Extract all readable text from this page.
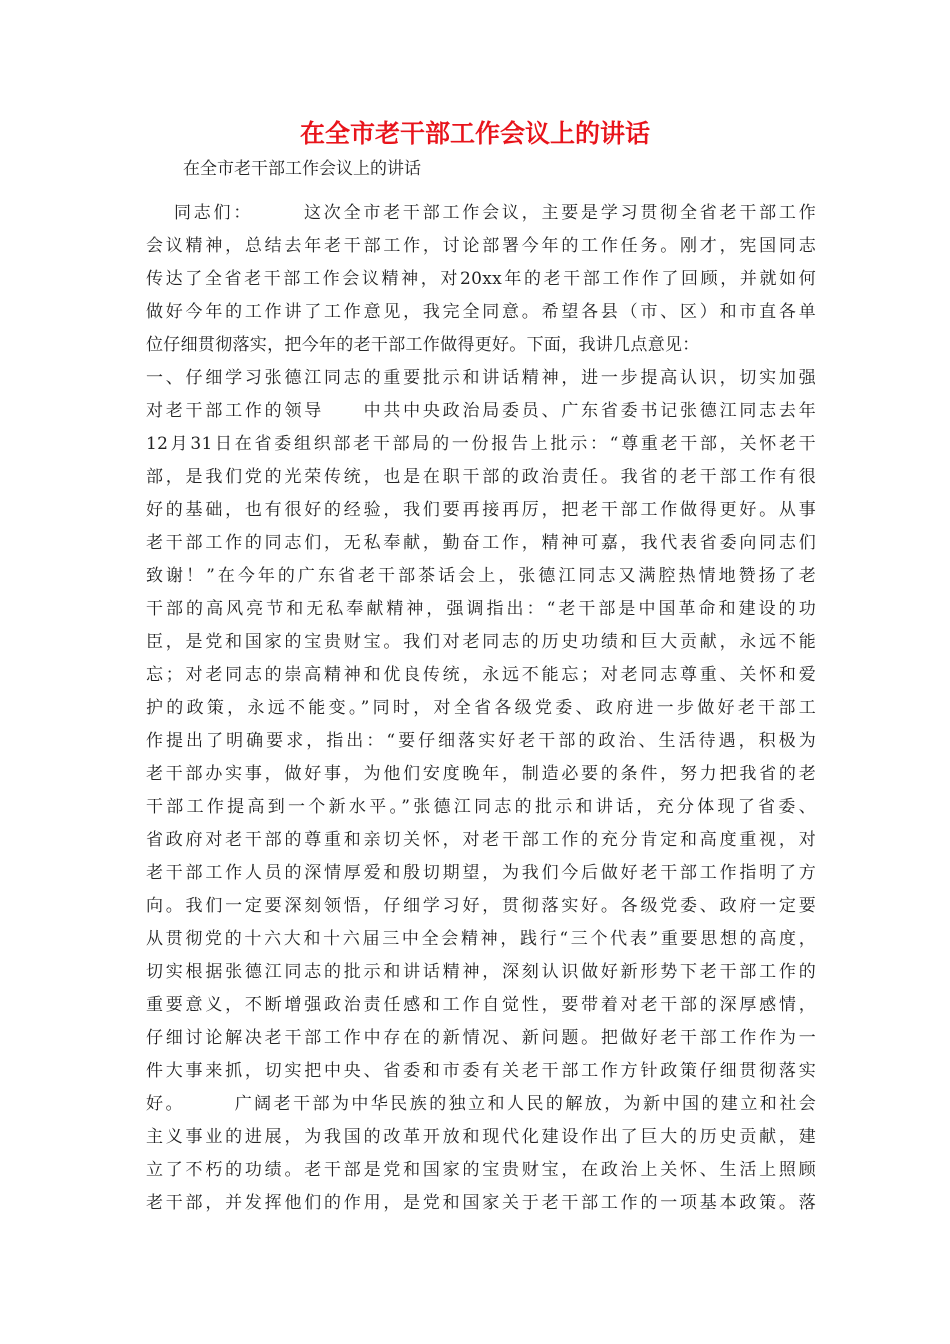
在全市老干部工作会议上的讲话
在全市老干部工作会议上的讲话
　 同志们：　　　这次全市老干部工作会议，主要是学习贯彻全省老干部工作
会议精神，总结去年老干部工作，讨论部署今年的工作任务。刚才，宪国同志
传达了全省老干部工作会议精神，对20xx年的老干部工作作了回顾，并就如何
做好今年的工作讲了工作意见，我完全同意。希望各县（市、区）和市直各单
位仔细贯彻落实，把今年的老干部工作做得更好。下面，我讲几点意见：
一、仔细学习张德江同志的重要批示和讲话精神，进一步提高认识，切实加强
对老干部工作的领导　　中共中央政治局委员、广东省委书记张德江同志去年
12月31日在省委组织部老干部局的一份报告上批示：“尊重老干部，关怀老干
部，是我们党的光荣传统，也是在职干部的政治责任。我省的老干部工作有很
好的基础，也有很好的经验，我们要再接再厉，把老干部工作做得更好。从事
老干部工作的同志们，无私奉献，勤奋工作，精神可嘉，我代表省委向同志们
致谢！”在今年的广东省老干部茶话会上，张德江同志又满腔热情地赞扬了老
干部的高风亮节和无私奉献精神，强调指出：“老干部是中国革命和建设的功
臣，是党和国家的宝贵财宝。我们对老同志的历史功绩和巨大贡献，永远不能
忘；对老同志的崇高精神和优良传统，永远不能忘；对老同志尊重、关怀和爱
护的政策，永远不能变。”同时，对全省各级党委、政府进一步做好老干部工
作提出了明确要求，指出：“要仔细落实好老干部的政治、生活待遇，积极为
老干部办实事，做好事，为他们安度晚年，制造必要的条件，努力把我省的老
干部工作提高到一个新水平。”张德江同志的批示和讲话，充分体现了省委、
省政府对老干部的尊重和亲切关怀，对老干部工作的充分肯定和高度重视，对
老干部工作人员的深情厚爱和殷切期望，为我们今后做好老干部工作指明了方
向。我们一定要深刻领悟，仔细学习好，贯彻落实好。各级党委、政府一定要
从贯彻党的十六大和十六届三中全会精神，践行“三个代表”重要思想的高度，
切实根据张德江同志的批示和讲话精神，深刻认识做好新形势下老干部工作的
重要意义，不断增强政治责任感和工作自觉性，要带着对老干部的深厚感情，
仔细讨论解决老干部工作中存在的新情况、新问题。把做好老干部工作作为一
件大事来抓，切实把中央、省委和市委有关老干部工作方针政策仔细贯彻落实
好。　　　广阔老干部为中华民族的独立和人民的解放，为新中国的建立和社会
主义事业的进展，为我国的改革开放和现代化建设作出了巨大的历史贡献，建
立了不朽的功绩。老干部是党和国家的宝贵财宝，在政治上关怀、生活上照顾
老干部，并发挥他们的作用，是党和国家关于老干部工作的一项基本政策。落
